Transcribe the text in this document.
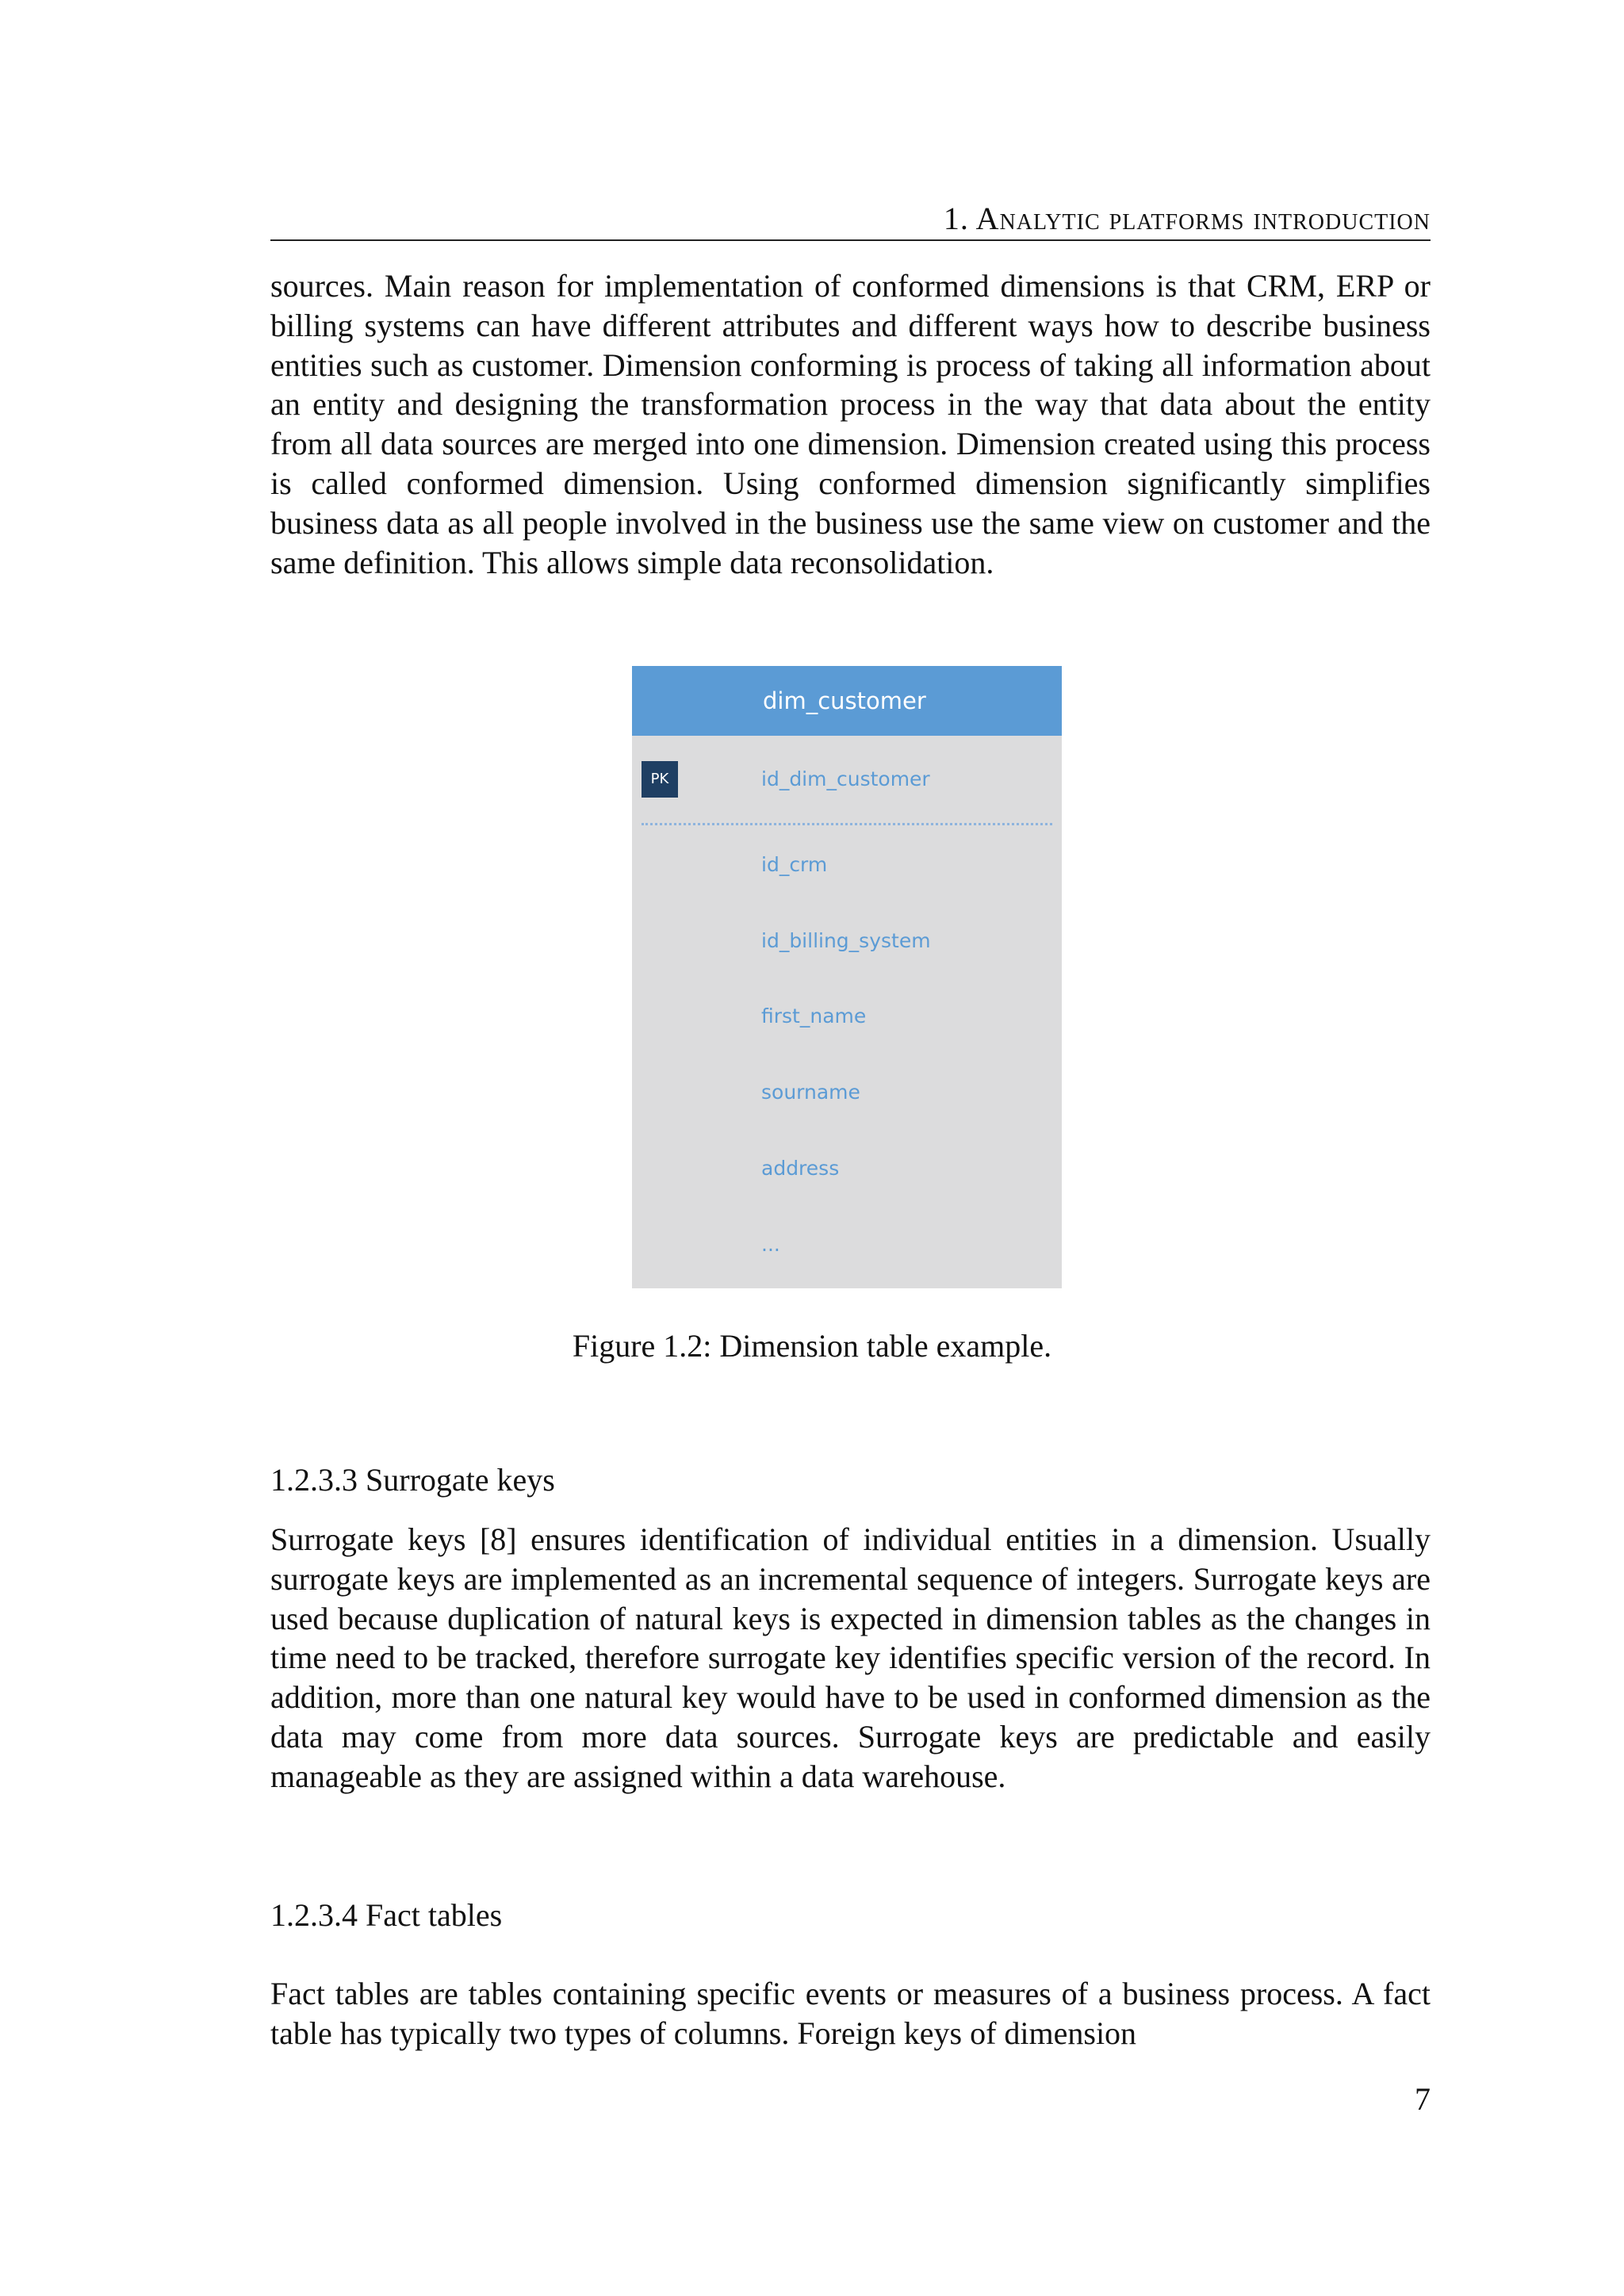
1. Analytic platforms introduction

sources. Main reason for implementation of conformed dimensions is that CRM, ERP or billing systems can have different attributes and different ways how to describe business entities such as customer. Dimension conforming is process of taking all information about an entity and designing the transformation process in the way that data about the entity from all data sources are merged into one dimension. Dimension created using this process is called conformed dimension. Using conformed dimension significantly simplifies business data as all people involved in the business use the same view on customer and the same definition. This allows simple data reconsolidation.

dim_customer
PK	id_dim_customer
id_crm
id_billing_system
first_name
sourname
address
...
Figure 1.2: Dimension table example.
1.2.3.3 Surrogate keys

Surrogate keys [8] ensures identification of individual entities in a dimension. Usually surrogate keys are implemented as an incremental sequence of integers. Surrogate keys are used because duplication of natural keys is expected in dimension tables as the changes in time need to be tracked, therefore surrogate key identifies specific version of the record. In addition, more than one natural key would have to be used in conformed dimension as the data may come from more data sources. Surrogate keys are predictable and easily manageable as they are assigned within a data warehouse.

1.2.3.4 Fact tables

Fact tables are tables containing specific events or measures of a business process. A fact table has typically two types of columns. Foreign keys of dimension

7
